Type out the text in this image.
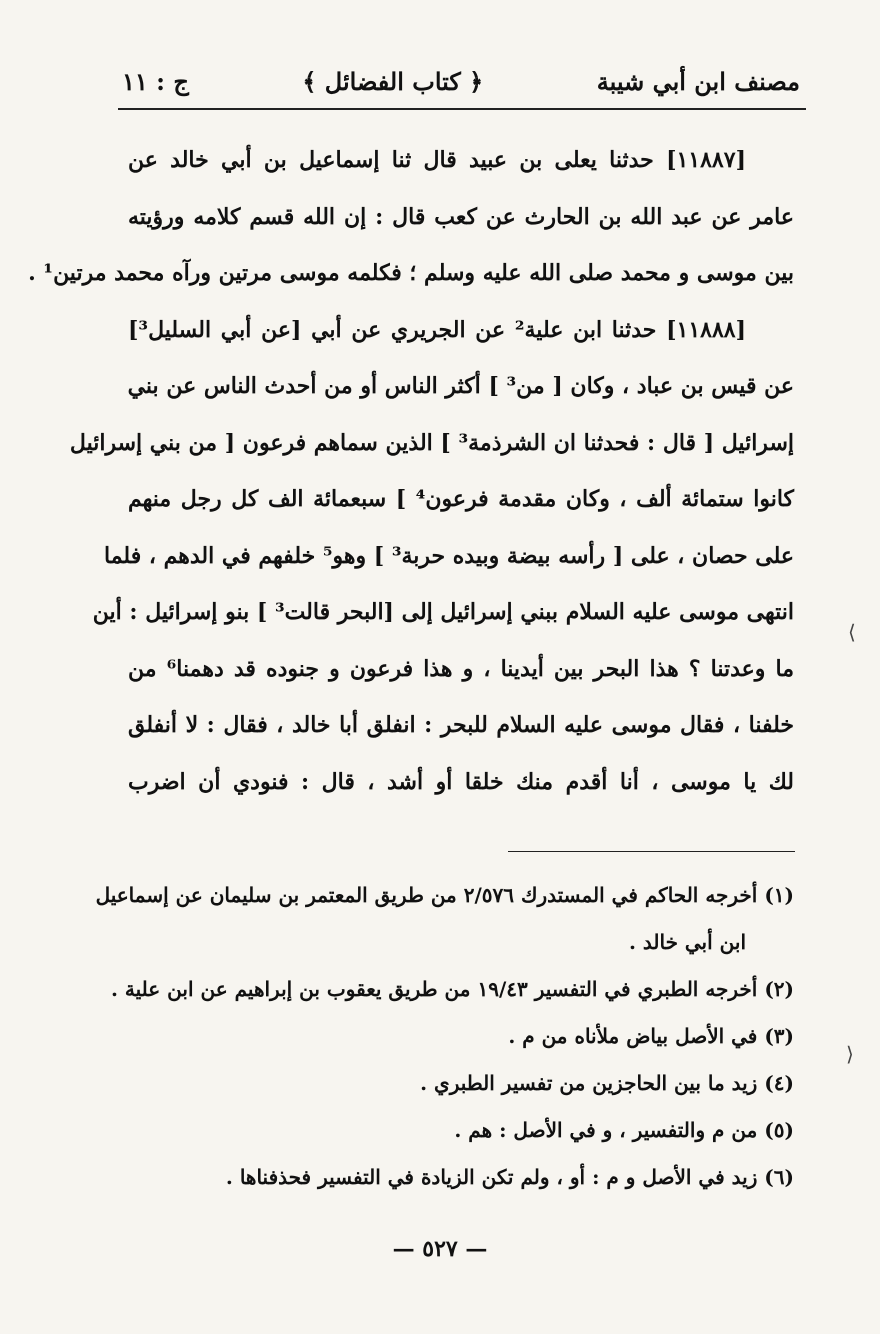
مصنف ابن أبي شيبة
﴿ كتاب الفضائل ﴾
ج : ١١
[١١٨٨٧] حدثنا يعلى بن عبيد قال ثنا إسماعيل بن أبي خالد عن
عامر عن عبد الله بن الحارث عن كعب قال : إن الله قسم كلامه ورؤيته
بين موسى و محمد صلى الله عليه وسلم ؛ فكلمه موسى مرتين ورآه محمد مرتين¹ .
[١١٨٨٨] حدثنا ابن علية² عن الجريري عن أبي [عن أبي السليل³]
عن قيس بن عباد ، وكان [ من³ ] أكثر الناس أو من أحدث الناس عن بني
إسرائيل [ قال : فحدثنا ان الشرذمة³ ] الذين سماهم فرعون [ من بني إسرائيل
كانوا ستمائة ألف ، وكان مقدمة فرعون⁴ ] سبعمائة الف كل رجل منهم
على حصان ، على [ رأسه بيضة وبيده حربة³ ] وهو⁵ خلفهم في الدهم ، فلما
انتهى موسى عليه السلام ببني إسرائيل إلى [البحر قالت³ ] بنو إسرائيل : أين
ما وعدتنا ؟ هذا البحر بين أيدينا ، و هذا فرعون و جنوده قد دهمنا⁶ من
خلفنا ، فقال موسى عليه السلام للبحر : انفلق أبا خالد ، فقال : لا أنفلق
لك يا موسى ، أنا أقدم منك خلقا أو أشد ، قال : فنودي أن اضرب
(١) أخرجه الحاكم في المستدرك ٢/٥٧٦ من طريق المعتمر بن سليمان عن إسماعيل
ابن أبي خالد .
(٢) أخرجه الطبري في التفسير ١٩/٤٣ من طريق يعقوب بن إبراهيم عن ابن علية .
(٣) في الأصل بياض ملأناه من م .
(٤) زيد ما بين الحاجزين من تفسير الطبري .
(٥) من م والتفسير ، و في الأصل : هم .
(٦) زيد في الأصل و م : أو ، ولم تكن الزيادة في التفسير فحذفناها .
— ٥٢٧ —
⟩
⟨
